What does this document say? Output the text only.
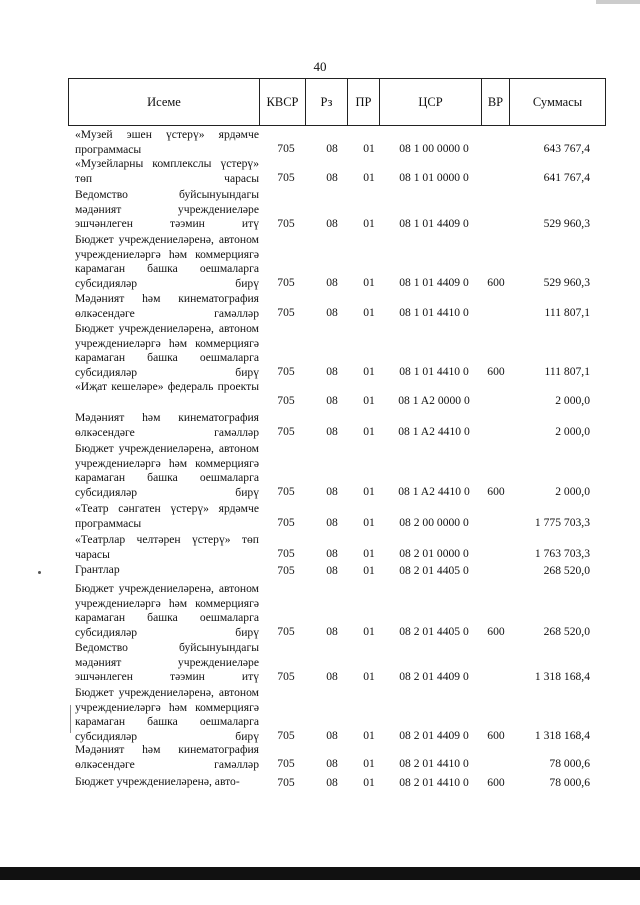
40
Исеме	КВСР	Рз	ПР	ЦСР	ВР	Суммасы
«Музей эшен үстерү» ярдәмче программасы	705	08	01	08 1 00 0000 0	643 767,4
«Музейларны комплекслы үстерү» төп чарасы	705	08	01	08 1 01 0000 0	641 767,4
Ведомство буйсынуындагы мәдәният учреждениеләре эшчәнлеген тәэмин итү	705	08	01	08 1 01 4409 0	529 960,3
Бюджет учреждениеләренә, автоном учреждениеләргә һәм коммерциягә карамаган башка оешмаларга субсидияләр бирү	705	08	01	08 1 01 4409 0	600	529 960,3
Мәдәният һәм кинематография өлкәсендәге гамәлләр	705	08	01	08 1 01 4410 0	111 807,1
Бюджет учреждениеләренә, автоном учреждениеләргә һәм коммерциягә карамаган башка оешмаларга субсидияләр бирү	705	08	01	08 1 01 4410 0	600	111 807,1
«Иҗат кешеләре» федераль проекты
705	08	01	08 1 A2 0000 0	2 000,0
Мәдәният һәм кинематография өлкәсендәге гамәлләр	705	08	01	08 1 A2 4410 0	2 000,0
Бюджет учреждениеләренә, автоном учреждениеләргә һәм коммерциягә карамаган башка оешмаларга субсидияләр бирү	705	08	01	08 1 A2 4410 0	600	2 000,0
«Театр сәнгатен үстерү» ярдәмче программасы	705	08	01	08 2 00 0000 0	1 775 703,3
«Театрлар челтәрен үстерү» төп чарасы	705	08	01	08 2 01 0000 0	1 763 703,3
Грантлар	705	08	01	08 2 01 4405 0	268 520,0
Бюджет учреждениеләренә, автоном учреждениеләргә һәм коммерциягә карамаган башка оешмаларга субсидияләр бирү	705	08	01	08 2 01 4405 0	600	268 520,0
Ведомство буйсынуындагы мәдәният учреждениеләре эшчәнлеген тәэмин итү	705	08	01	08 2 01 4409 0	1 318 168,4
Бюджет учреждениеләренә, автоном учреждениеләргә һәм коммерциягә карамаган башка оешмаларга субсидияләр бирү	705	08	01	08 2 01 4409 0	600	1 318 168,4
Мәдәният һәм кинематография өлкәсендәге гамәлләр	705	08	01	08 2 01 4410 0	78 000,6
Бюджет учреждениеләренә, авто-	705	08	01	08 2 01 4410 0	600	78 000,6
